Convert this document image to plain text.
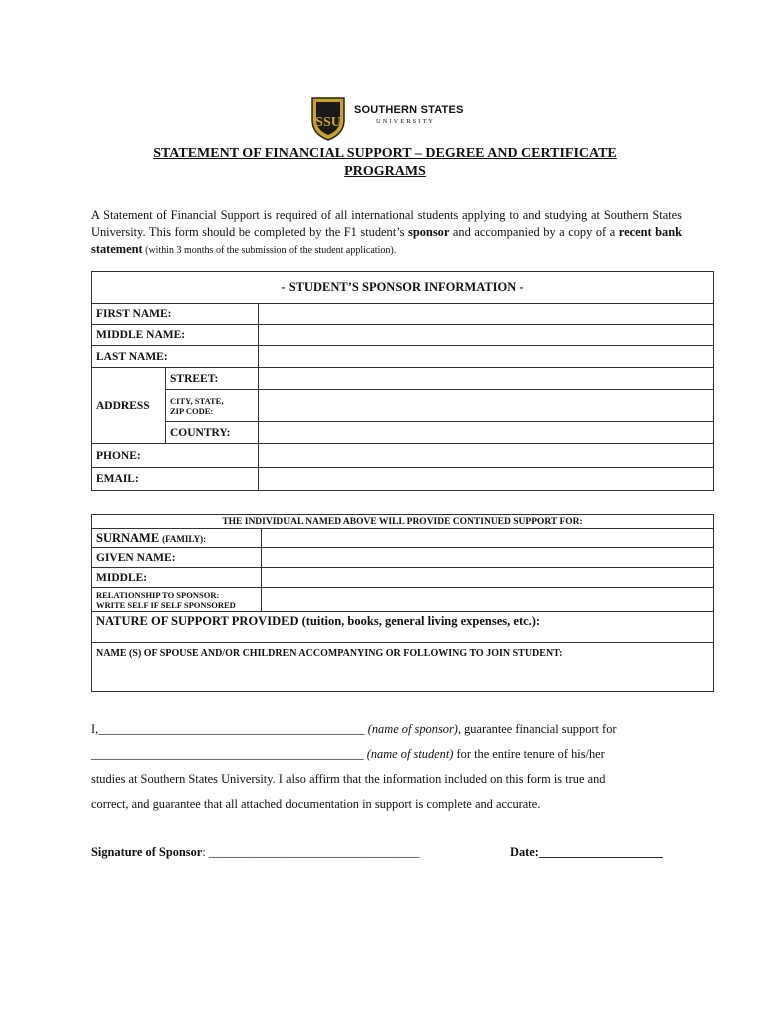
SSU
SOUTHERN STATES
UNIVERSITY
STATEMENT OF FINANCIAL SUPPORT – DEGREE AND CERTIFICATE
PROGRAMS
A Statement of Financial Support is required of all international students applying to and studying at Southern States University. This form should be completed by the F1 student’s sponsor and accompanied by a copy of a recent bank statement (within 3 months of the submission of the student application).
- STUDENT’S SPONSOR INFORMATION -		
FIRST NAME:		
MIDDLE NAME:		
LAST NAME:		
ADDRESS	STREET:	
	CITY, STATE,
ZIP CODE:	
	COUNTRY:	
PHONE:		
EMAIL:		
THE INDIVIDUAL NAMED ABOVE WILL PROVIDE CONTINUED SUPPORT FOR:	
SURNAME (FAMILY):	
GIVEN NAME:	
MIDDLE:	
RELATIONSHIP TO SPONSOR:
WRITE SELF IF SELF SPONSORED	
NATURE OF SUPPORT PROVIDED (tuition, books, general living expenses, etc.):	
NAME (S) OF SPOUSE AND/OR CHILDREN ACCOMPANYING OR FOLLOWING TO JOIN STUDENT:	
I,___________________________________________ (name of sponsor), guarantee financial support for
____________________________________________ (name of student) for the entire tenure of his/her
studies at Southern States University. I also affirm that the information included on this form is true and
correct, and guarantee that all attached documentation in support is complete and accurate.
Signature of Sponsor: __________________________________	Date:____________________
